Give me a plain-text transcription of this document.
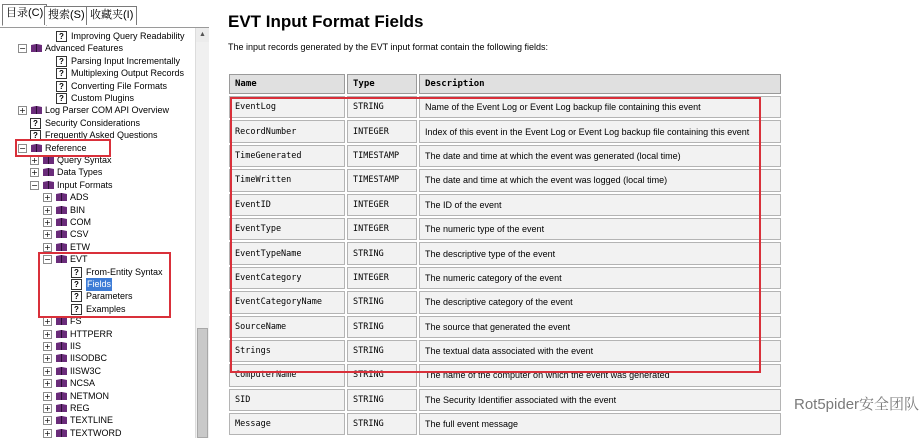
目录(C) 搜索(S) 收藏夹(I)
? Improving Query Readability
− Advanced Features
? Parsing Input Incrementally
? Multiplexing Output Records
? Converting File Formats
? Custom Plugins
+ Log Parser COM API Overview
? Security Considerations
? Frequently Asked Questions
− Reference
+ Query Syntax
+ Data Types
− Input Formats
+ ADS
+ BIN
+ COM
+ CSV
+ ETW
− EVT
? From-Entity Syntax
? Fields
? Parameters
? Examples
+ FS
+ HTTPERR
+ IIS
+ IISODBC
+ IISW3C
+ NCSA
+ NETMON
+ REG
+ TEXTLINE
+ TEXTWORD
▲
EVT Input Format Fields
The input records generated by the EVT input format contain the following fields:
Name	Type	Description
EventLog	STRING	Name of the Event Log or Event Log backup file containing this event
RecordNumber	INTEGER	Index of this event in the Event Log or Event Log backup file containing this event
TimeGenerated	TIMESTAMP	The date and time at which the event was generated (local time)
TimeWritten	TIMESTAMP	The date and time at which the event was logged (local time)
EventID	INTEGER	The ID of the event
EventType	INTEGER	The numeric type of the event
EventTypeName	STRING	The descriptive type of the event
EventCategory	INTEGER	The numeric category of the event
EventCategoryName	STRING	The descriptive category of the event
SourceName	STRING	The source that generated the event
Strings	STRING	The textual data associated with the event
ComputerName	STRING	The name of the computer on which the event was generated
SID	STRING	The Security Identifier associated with the event
Message	STRING	The full event message
Rot5pider安全团队
